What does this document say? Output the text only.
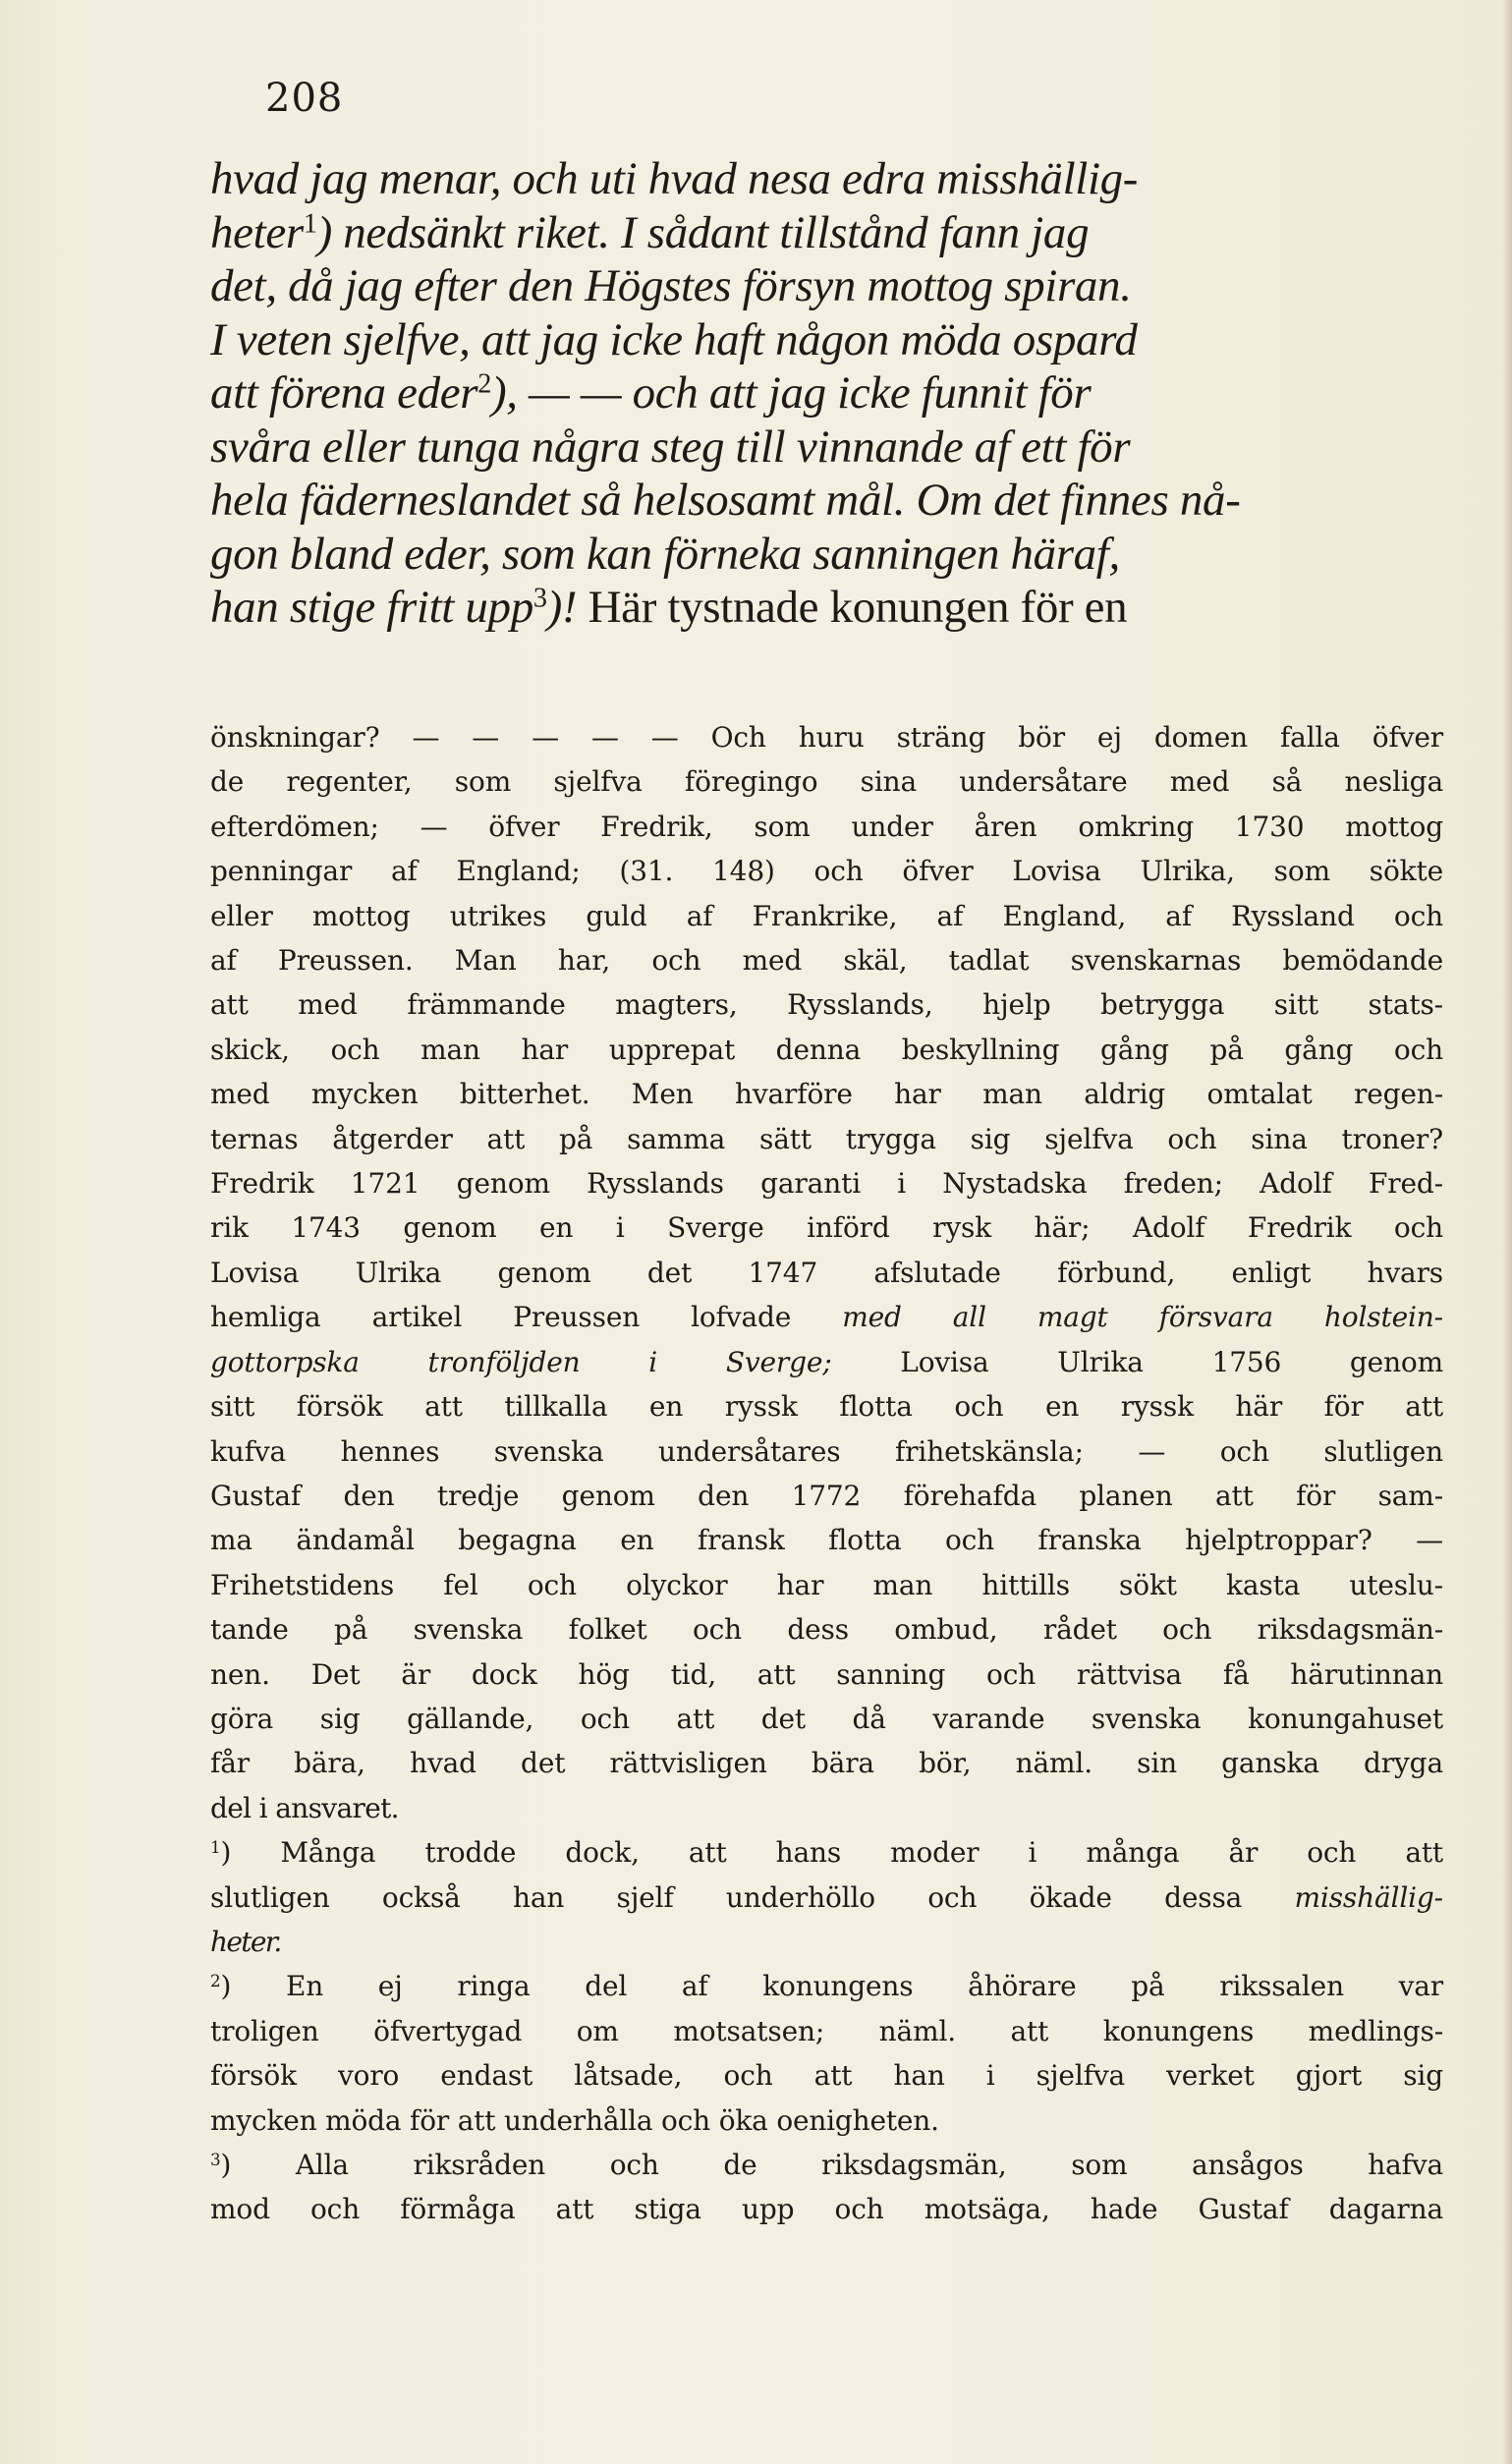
208
hvad jag menar, och uti hvad nesa edra misshällig-
heter$^1$) nedsänkt riket. I sådant tillstånd fann jag
det, då jag efter den Högstes försyn mottog spiran.
I veten sjelfve, att jag icke haft någon möda ospard
att förena eder$^2$), — — och att jag icke funnit för
svåra eller tunga några steg till vinnande af ett för
hela fäderneslandet så helsosamt mål. Om det finnes nå-
gon bland eder, som kan förneka sanningen häraf,
han stige fritt upp$^3$)! Här tystnade konungen för en
önskningar? — — — — — Och huru sträng bör ej domen falla öfver
de regenter, som sjelfva föregingo sina undersåtare med så nesliga
efterdömen; — öfver Fredrik, som under åren omkring 1730 mottog
penningar af England; (31. 148) och öfver Lovisa Ulrika, som sökte
eller mottog utrikes guld af Frankrike, af England, af Ryssland och
af Preussen. Man har, och med skäl, tadlat svenskarnas bemödande
att med främmande magters, Rysslands, hjelp betrygga sitt stats-
skick, och man har upprepat denna beskyllning gång på gång och
med mycken bitterhet. Men hvarföre har man aldrig omtalat regen-
ternas åtgerder att på samma sätt trygga sig sjelfva och sina troner?
Fredrik 1721 genom Rysslands garanti i Nystadska freden; Adolf Fred-
rik 1743 genom en i Sverge införd rysk här; Adolf Fredrik och
Lovisa Ulrika genom det 1747 afslutade förbund, enligt hvars
hemliga artikel Preussen lofvade med all magt försvara holstein-
gottorpska tronföljden i Sverge; Lovisa Ulrika 1756 genom
sitt försök att tillkalla en ryssk flotta och en ryssk här för att
kufva hennes svenska undersåtares frihetskänsla; — och slutligen
Gustaf den tredje genom den 1772 förehafda planen att för sam-
ma ändamål begagna en fransk flotta och franska hjelptroppar? —
Frihetstidens fel och olyckor har man hittills sökt kasta uteslu-
tande på svenska folket och dess ombud, rådet och riksdagsmän-
nen. Det är dock hög tid, att sanning och rättvisa få härutinnan
göra sig gällande, och att det då varande svenska konungahuset
får bära, hvad det rättvisligen bära bör, näml. sin ganska dryga
del i ansvaret.
$^1$) Många trodde dock, att hans moder i många år och att
slutligen också han sjelf underhöllo och ökade dessa misshällig-
heter.
$^2$) En ej ringa del af konungens åhörare på rikssalen var
troligen öfvertygad om motsatsen; näml. att konungens medlings-
försök voro endast låtsade, och att han i sjelfva verket gjort sig
mycken möda för att underhålla och öka oenigheten.
$^3$) Alla riksråden och de riksdagsmän, som ansågos hafva
mod och förmåga att stiga upp och motsäga, hade Gustaf dagarna
